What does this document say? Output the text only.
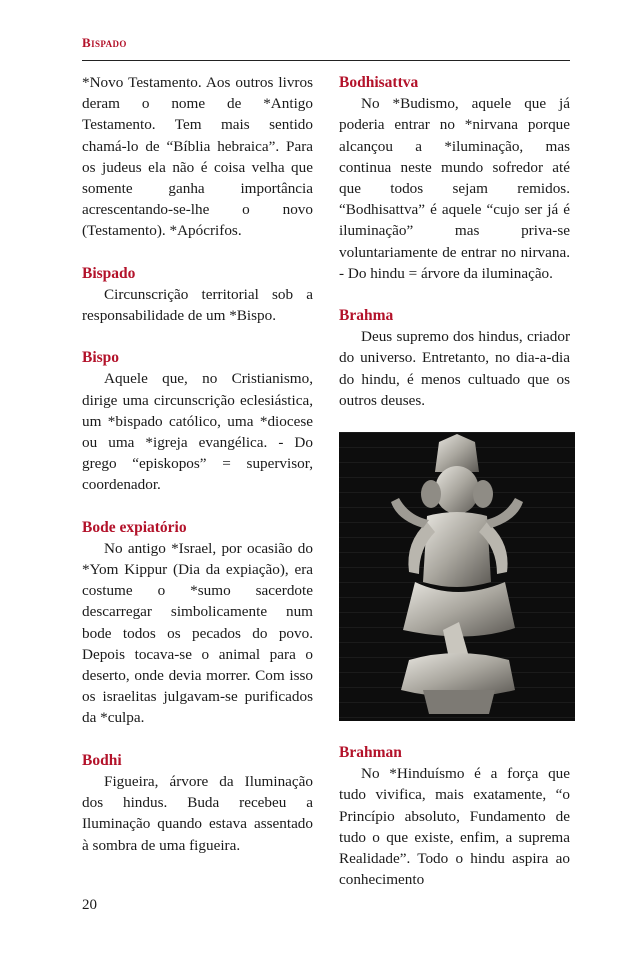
Bispado
*Novo Testamento. Aos outros livros deram o nome de *Antigo Testamento. Tem mais sentido chamá-lo de “Bíblia hebraica”. Para os judeus ela não é coisa velha que somente ganha importância acrescentando-se-lhe o novo (Testamento). *Apócrifos.
Bispado
Circunscrição territorial sob a responsabilidade de um *Bispo.
Bispo
Aquele que, no Cristianismo, dirige uma circunscrição eclesiástica, um *bispado católico, uma *diocese ou uma *igreja evangélica. - Do grego “episkopos” = supervisor, coordenador.
Bode expiatório
No antigo *Israel, por ocasião do *Yom Kippur (Dia da expiação), era costume o *sumo sacerdote descarregar simbolicamente num bode todos os pecados do povo. Depois tocava-se o animal para o deserto, onde devia morrer. Com isso os israelitas julgavam-se purificados da *culpa.
Bodhi
Figueira, árvore da Iluminação dos hindus. Buda recebeu a Iluminação quando estava assentado à sombra de uma figueira.
Bodhisattva
No *Budismo, aquele que já poderia entrar no *nirvana porque alcançou a *iluminação, mas continua neste mundo sofredor até que todos sejam remidos. “Bodhisattva” é aquele “cujo ser já é iluminação” mas priva-se voluntariamente de entrar no nirvana. - Do hindu = árvore da iluminação.
Brahma
Deus supremo dos hindus, criador do universo. Entretanto, no dia-a-dia do hindu, é menos cultuado que os outros deuses.
Brahman
No *Hinduísmo é a força que tudo vivifica, mais exatamente, “o Princípio absoluto, Fundamento de tudo o que existe, enfim, a suprema Realidade”. Todo o hindu aspira ao conhecimento
20
